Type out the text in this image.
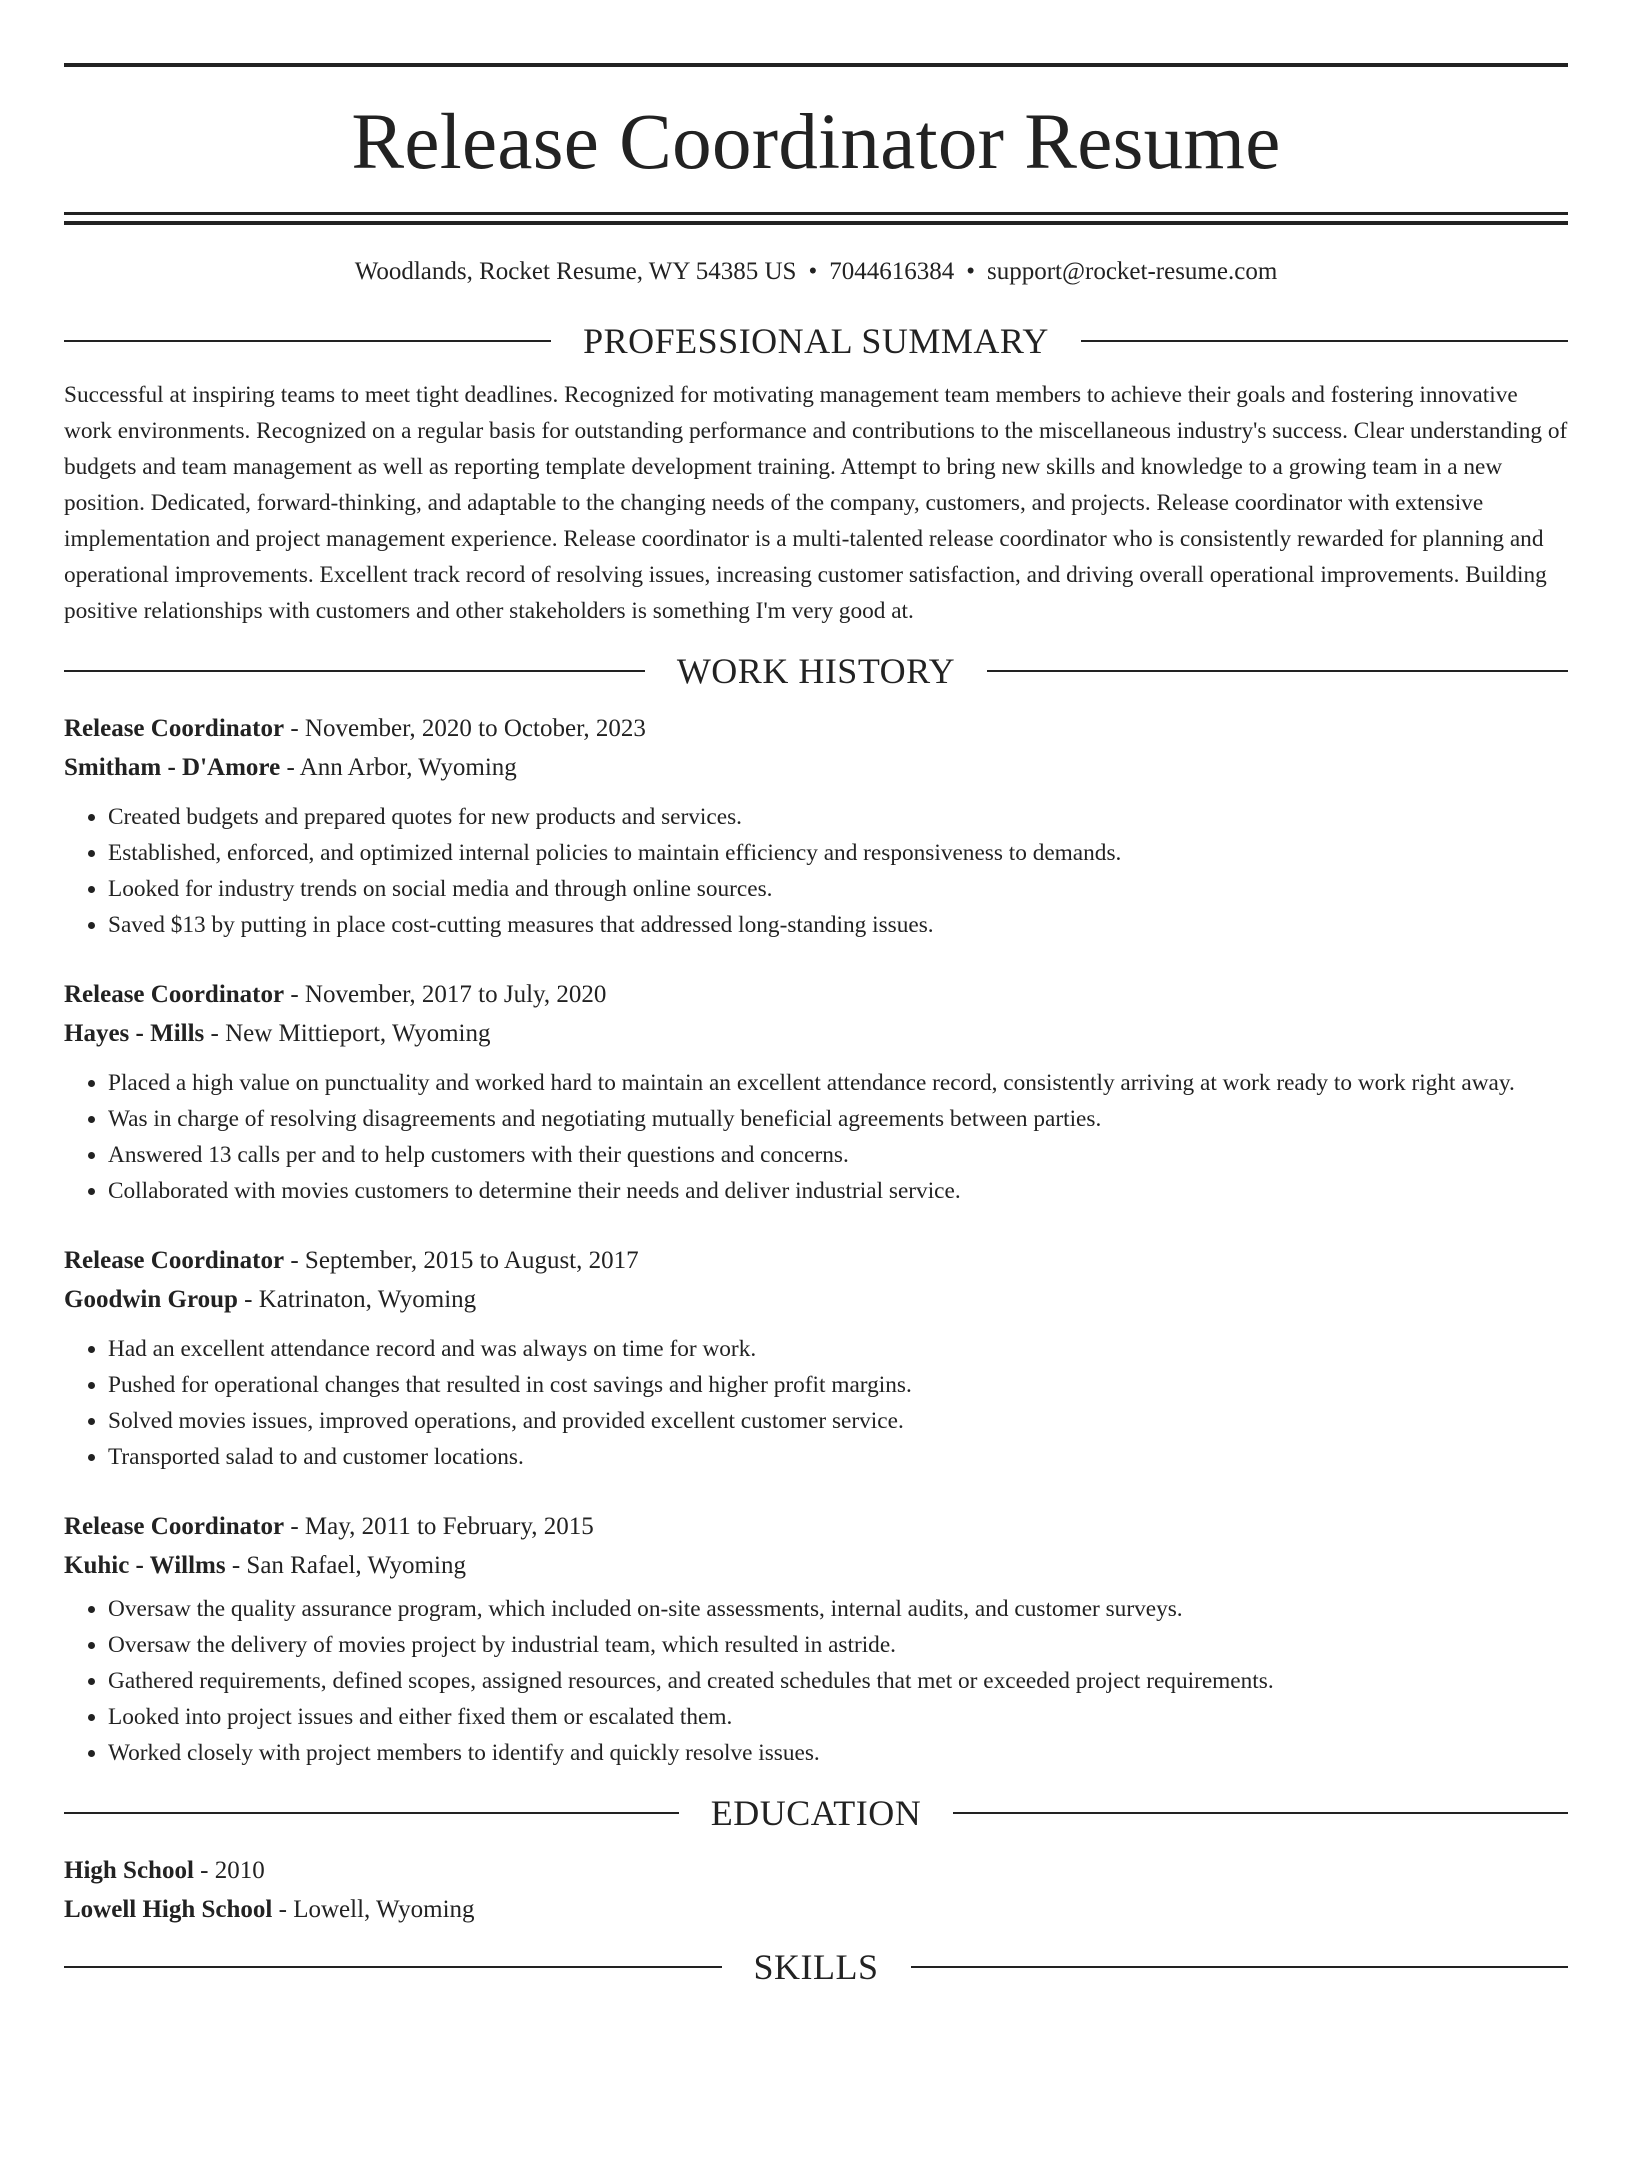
Release Coordinator Resume
Woodlands, Rocket Resume, WY 54385 US • 7044616384 • support@rocket-resume.com
PROFESSIONAL SUMMARY

Successful at inspiring teams to meet tight deadlines. Recognized for motivating management team members to achieve their goals and fostering innovative work environments. Recognized on a regular basis for outstanding performance and contributions to the miscellaneous industry's success. Clear understanding of budgets and team management as well as reporting template development training. Attempt to bring new skills and knowledge to a growing team in a new position. Dedicated, forward-thinking, and adaptable to the changing needs of the company, customers, and projects. Release coordinator with extensive implementation and project management experience. Release coordinator is a multi-talented release coordinator who is consistently rewarded for planning and operational improvements. Excellent track record of resolving issues, increasing customer satisfaction, and driving overall operational improvements. Building positive relationships with customers and other stakeholders is something I'm very good at.

WORK HISTORY
Release Coordinator - November, 2020 to October, 2023
Smitham - D'Amore - Ann Arbor, Wyoming
• Created budgets and prepared quotes for new products and services.
• Established, enforced, and optimized internal policies to maintain efficiency and responsiveness to demands.
• Looked for industry trends on social media and through online sources.
• Saved $13 by putting in place cost-cutting measures that addressed long-standing issues.
Release Coordinator - November, 2017 to July, 2020
Hayes - Mills - New Mittieport, Wyoming
• Placed a high value on punctuality and worked hard to maintain an excellent attendance record, consistently arriving at work ready to work right away.
• Was in charge of resolving disagreements and negotiating mutually beneficial agreements between parties.
• Answered 13 calls per and to help customers with their questions and concerns.
• Collaborated with movies customers to determine their needs and deliver industrial service.
Release Coordinator - September, 2015 to August, 2017
Goodwin Group - Katrinaton, Wyoming
• Had an excellent attendance record and was always on time for work.
• Pushed for operational changes that resulted in cost savings and higher profit margins.
• Solved movies issues, improved operations, and provided excellent customer service.
• Transported salad to and customer locations.
Release Coordinator - May, 2011 to February, 2015
Kuhic - Willms - San Rafael, Wyoming
• Oversaw the quality assurance program, which included on-site assessments, internal audits, and customer surveys.
• Oversaw the delivery of movies project by industrial team, which resulted in astride.
• Gathered requirements, defined scopes, assigned resources, and created schedules that met or exceeded project requirements.
• Looked into project issues and either fixed them or escalated them.
• Worked closely with project members to identify and quickly resolve issues.
EDUCATION
High School - 2010
Lowell High School - Lowell, Wyoming
SKILLS
